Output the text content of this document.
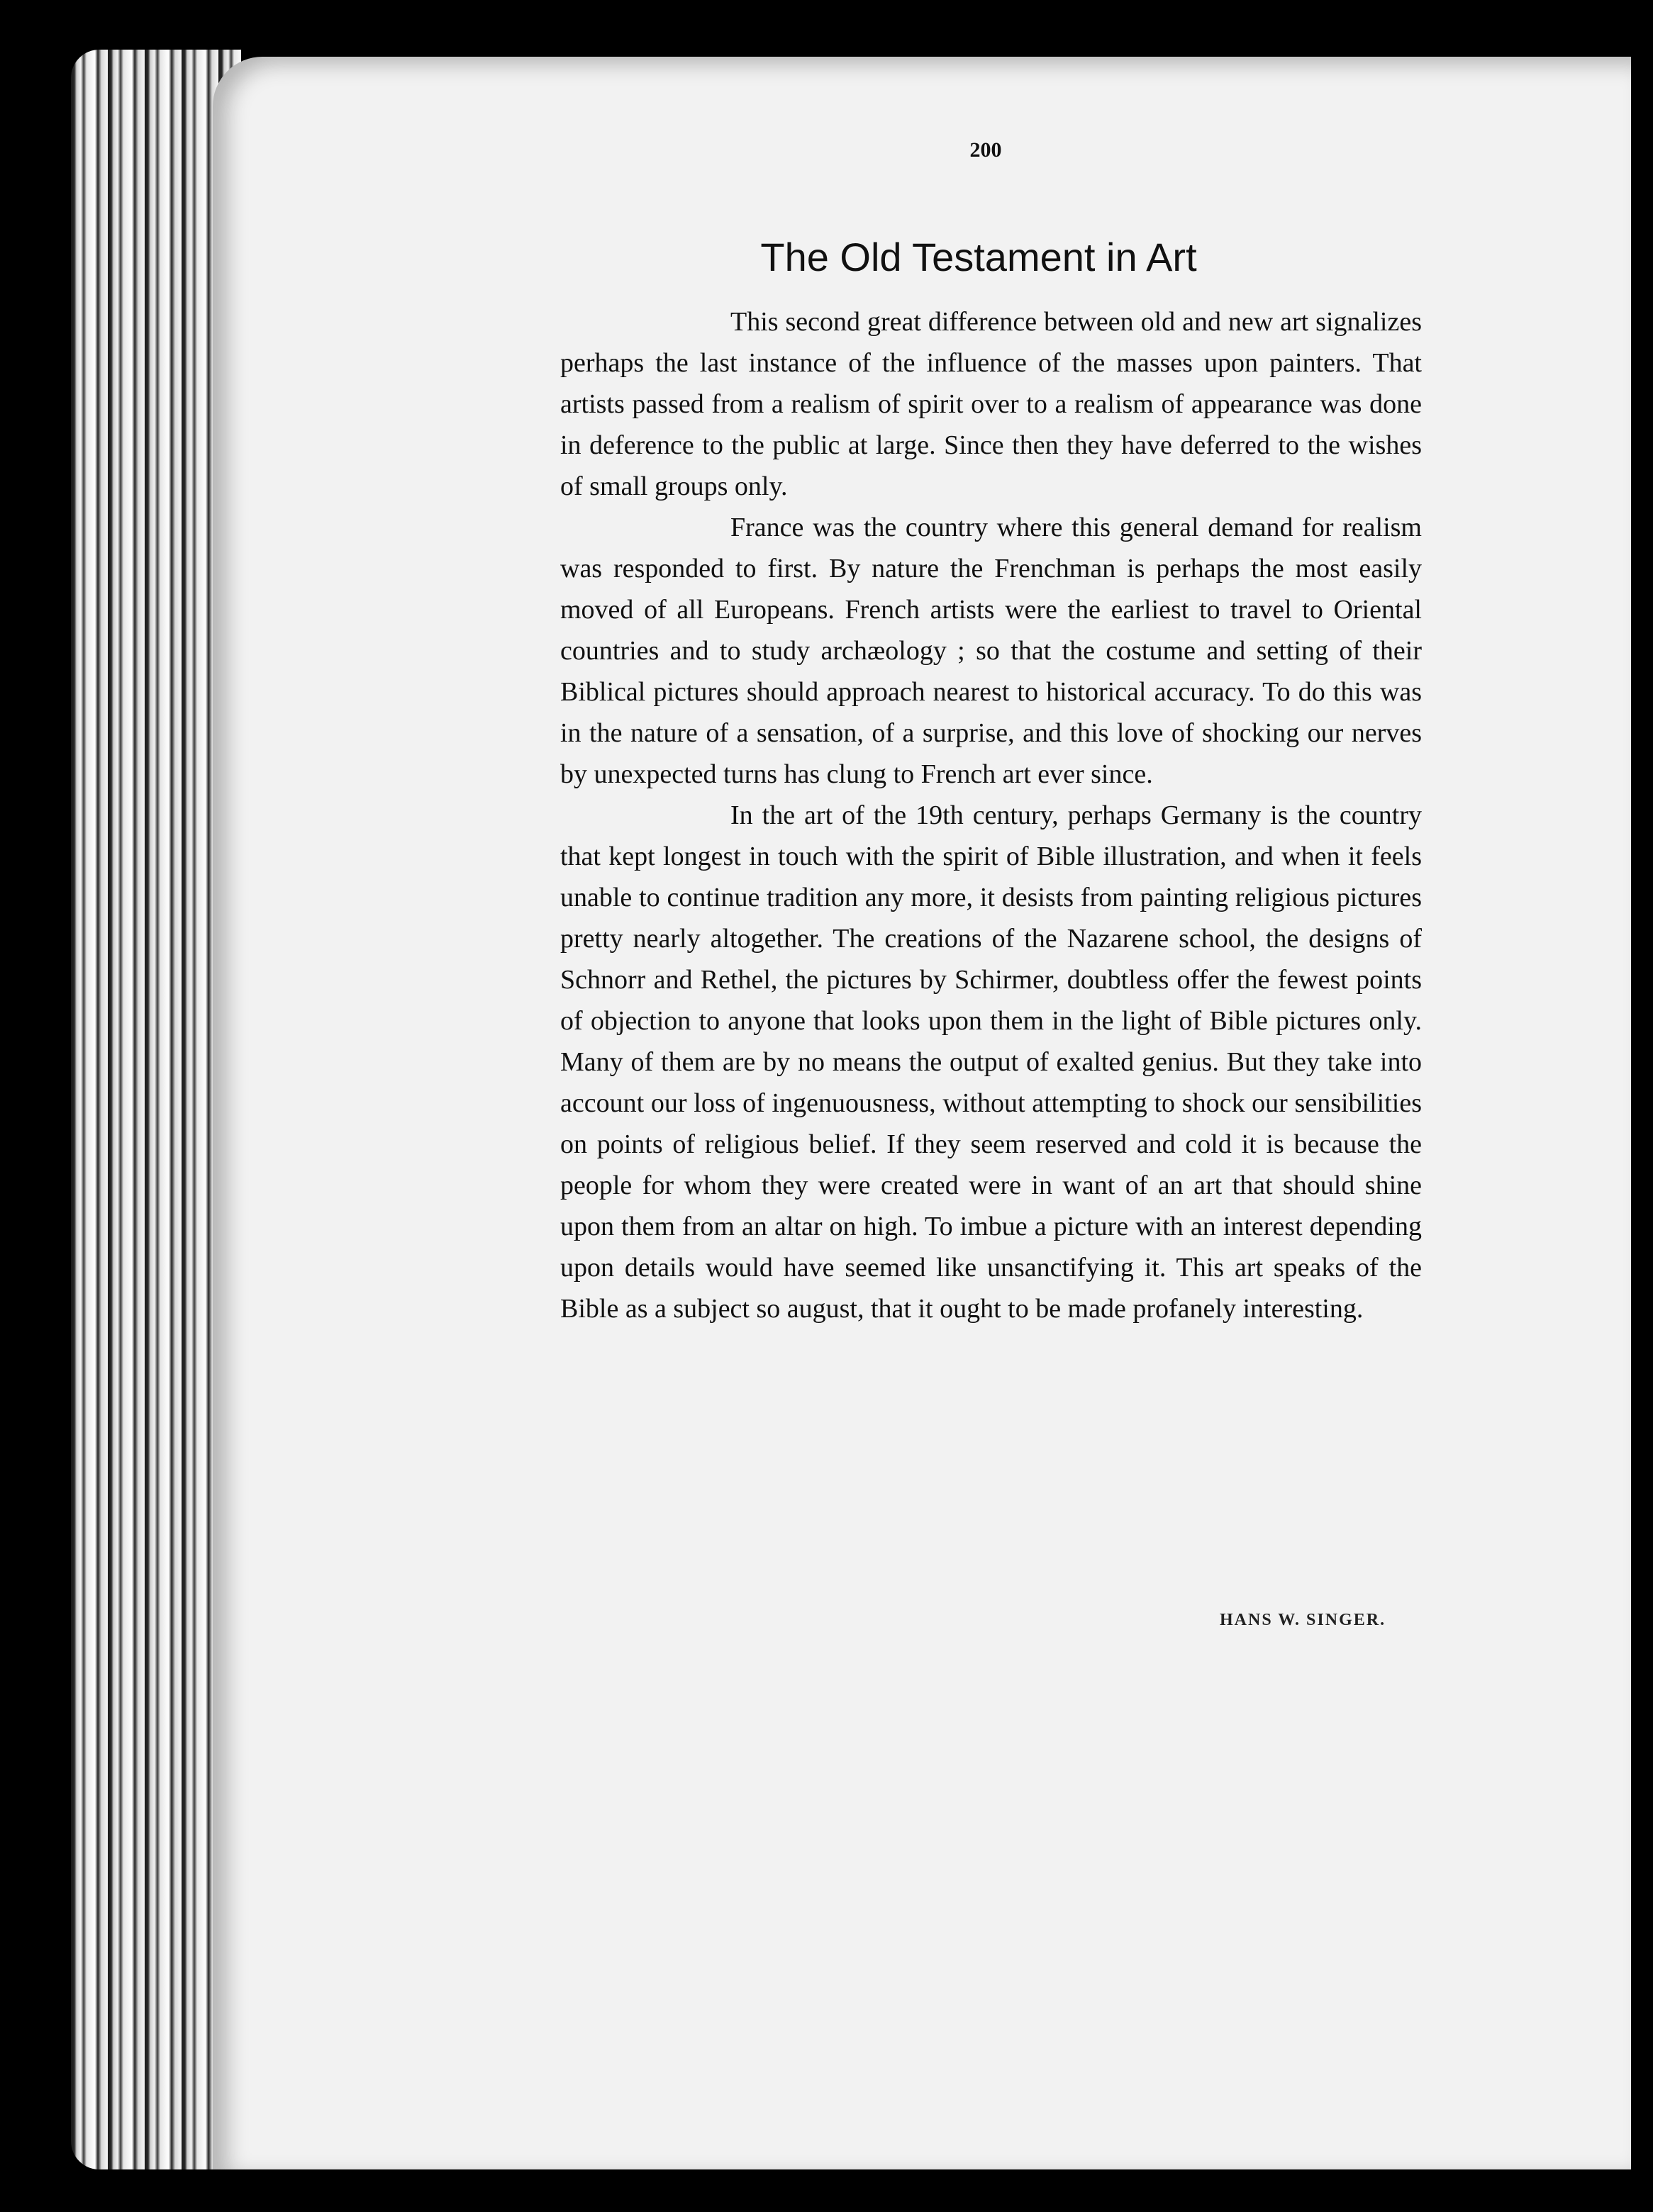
200
The Old Testament in Art

This second great difference between old and new art signalizes perhaps the last instance of the influence of the masses upon painters. That artists passed from a realism of spirit over to a realism of appearance was done in deference to the public at large. Since then they have deferred to the wishes of small groups only.

France was the country where this general demand for realism was responded to first. By nature the Frenchman is perhaps the most easily moved of all Europeans. French artists were the earliest to travel to Oriental countries and to study archæology ; so that the costume and setting of their Biblical pictures should approach nearest to historical accuracy. To do this was in the nature of a sensation, of a surprise, and this love of shocking our nerves by unexpected turns has clung to French art ever since.

In the art of the 19th century, perhaps Germany is the country that kept longest in touch with the spirit of Bible illustration, and when it feels unable to continue tradition any more, it desists from painting religious pictures pretty nearly altogether. The creations of the Nazarene school, the designs of Schnorr and Rethel, the pictures by Schirmer, doubtless offer the fewest points of objection to anyone that looks upon them in the light of Bible pictures only. Many of them are by no means the output of exalted genius. But they take into account our loss of ingenuousness, without attempting to shock our sensibilities on points of religious belief. If they seem reserved and cold it is because the people for whom they were created were in want of an art that should shine upon them from an altar on high. To imbue a picture with an interest depending upon details would have seemed like unsanctifying it. This art speaks of the Bible as a subject so august, that it ought to be made profanely interesting.

HANS W. SINGER.
